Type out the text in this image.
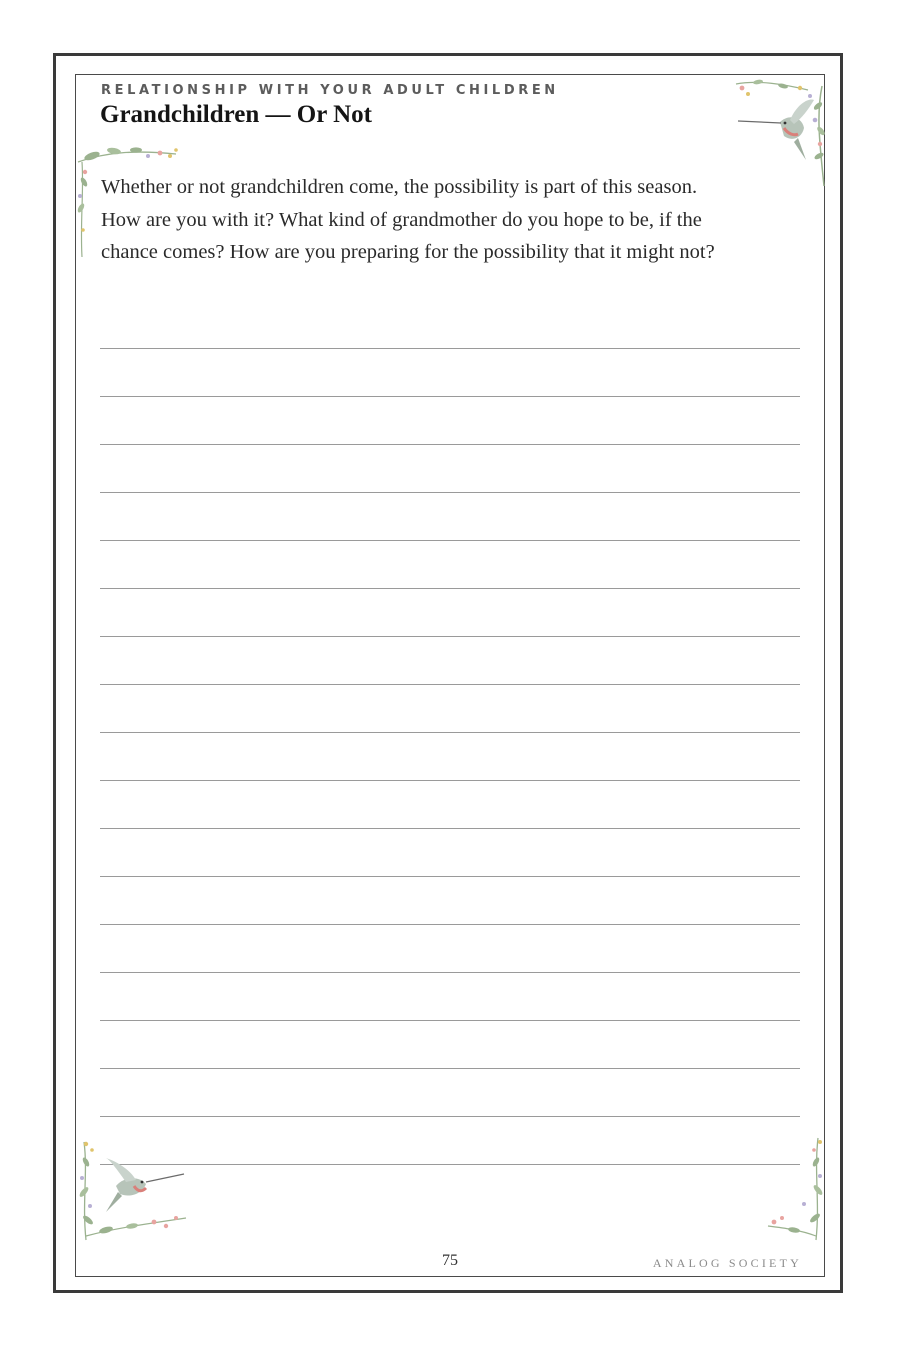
RELATIONSHIP WITH YOUR ADULT CHILDREN
Grandchildren — Or Not
Whether or not grandchildren come, the possibility is part of this season.
How are you with it? What kind of grandmother do you hope to be, if the
chance comes? How are you preparing for the possibility that it might not?
75	ANALOG SOCIETY
